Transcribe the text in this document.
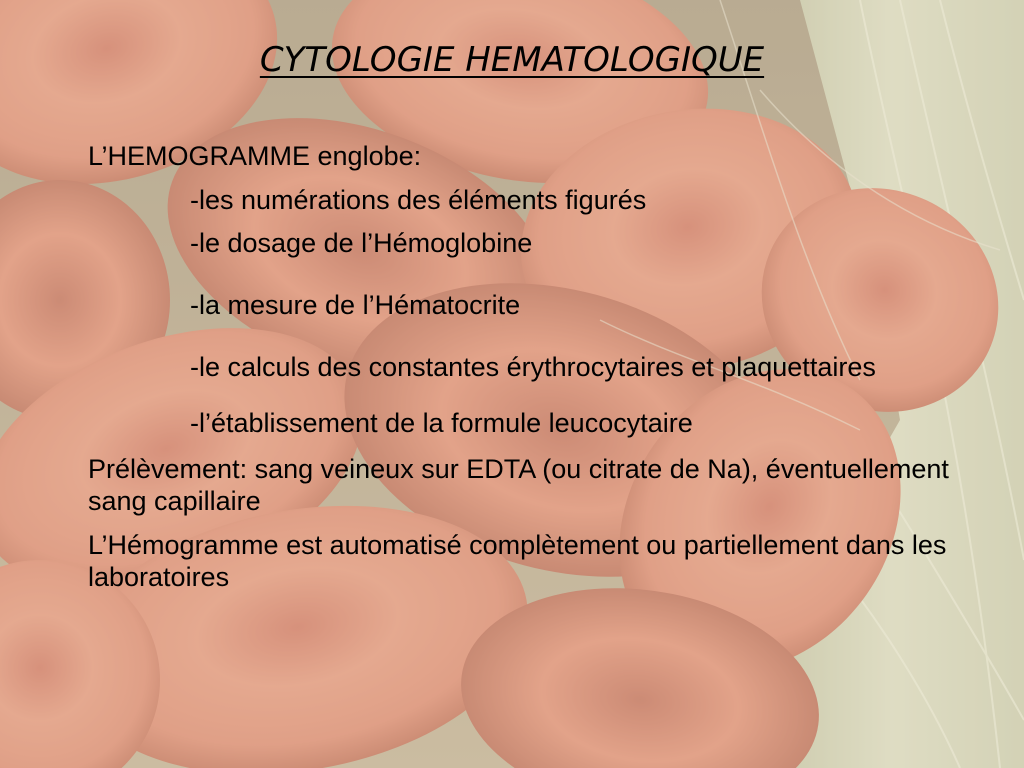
CYTOLOGIE HEMATOLOGIQUE

L’HEMOGRAMME englobe:

-les numérations des éléments figurés

-le dosage de l’Hémoglobine

-la mesure de l’Hématocrite

-le calculs des constantes érythrocytaires et plaquettaires

-l’établissement de la formule leucocytaire

Prélèvement: sang veineux sur EDTA (ou citrate de Na), éventuellement sang capillaire

L’Hémogramme est automatisé complètement ou partiellement dans les laboratoires
